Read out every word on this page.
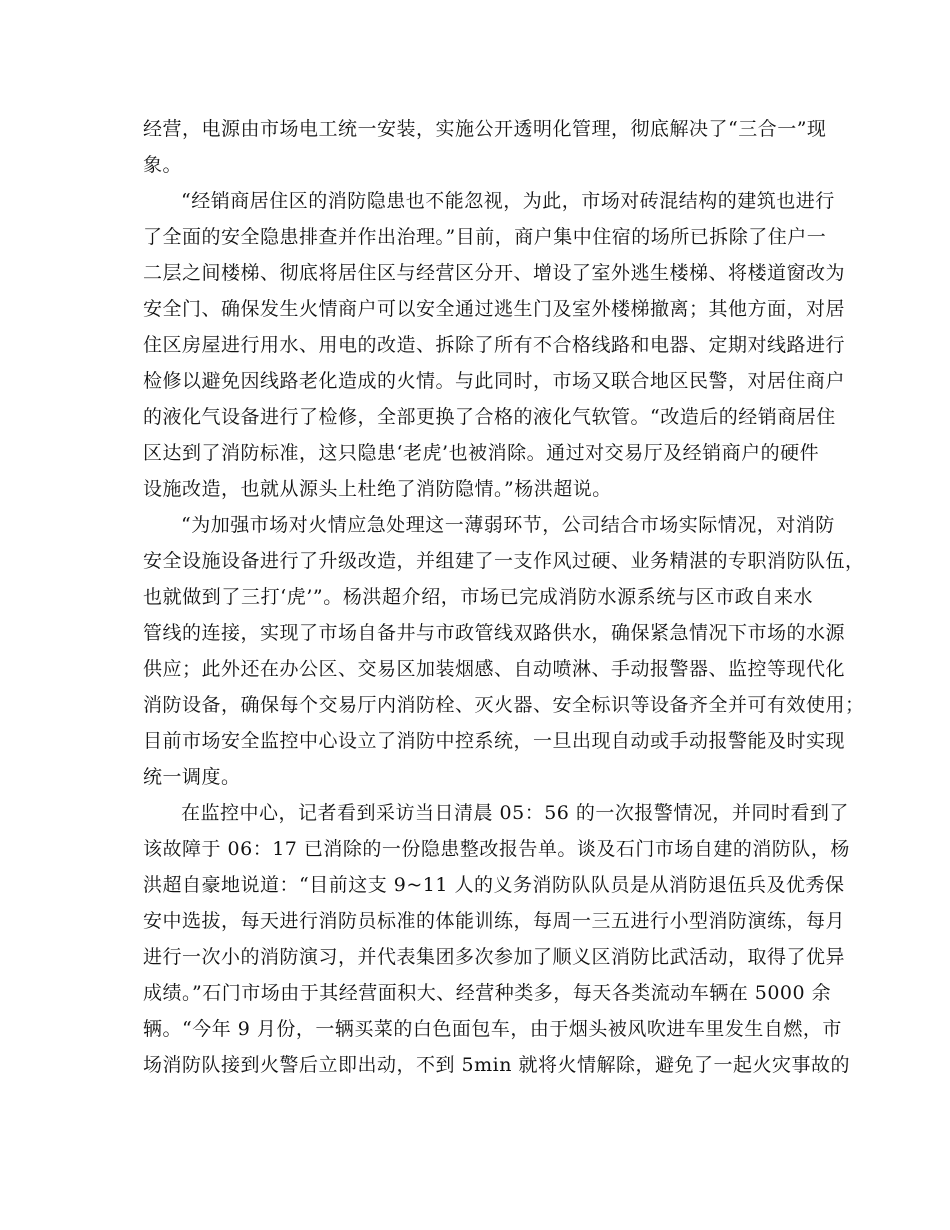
经营，电源由市场电工统一安装，实施公开透明化管理，彻底解决了“三合一”现
象。
“经销商居住区的消防隐患也不能忽视，为此，市场对砖混结构的建筑也进行
了全面的安全隐患排查并作出治理。”目前，商户集中住宿的场所已拆除了住户一
二层之间楼梯、彻底将居住区与经营区分开、增设了室外逃生楼梯、将楼道窗改为
安全门、确保发生火情商户可以安全通过逃生门及室外楼梯撤离；其他方面，对居
住区房屋进行用水、用电的改造、拆除了所有不合格线路和电器、定期对线路进行
检修以避免因线路老化造成的火情。与此同时，市场又联合地区民警，对居住商户
的液化气设备进行了检修，全部更换了合格的液化气软管。“改造后的经销商居住
区达到了消防标准，这只隐患‘老虎’也被消除。通过对交易厅及经销商户的硬件
设施改造，也就从源头上杜绝了消防隐情。”杨洪超说。
“为加强市场对火情应急处理这一薄弱环节，公司结合市场实际情况，对消防
安全设施设备进行了升级改造，并组建了一支作风过硬、业务精湛的专职消防队伍，
也就做到了三打‘虎’”。杨洪超介绍，市场已完成消防水源系统与区市政自来水
管线的连接，实现了市场自备井与市政管线双路供水，确保紧急情况下市场的水源
供应；此外还在办公区、交易区加装烟感、自动喷淋、手动报警器、监控等现代化
消防设备，确保每个交易厅内消防栓、灭火器、安全标识等设备齐全并可有效使用；
目前市场安全监控中心设立了消防中控系统，一旦出现自动或手动报警能及时实现
统一调度。
在监控中心，记者看到采访当日清晨 05：56 的一次报警情况，并同时看到了
该故障于 06：17 已消除的一份隐患整改报告单。谈及石门市场自建的消防队，杨
洪超自豪地说道：“目前这支 9~11 人的义务消防队队员是从消防退伍兵及优秀保
安中选拔，每天进行消防员标准的体能训练，每周一三五进行小型消防演练，每月
进行一次小的消防演习，并代表集团多次参加了顺义区消防比武活动，取得了优异
成绩。”石门市场由于其经营面积大、经营种类多，每天各类流动车辆在 5000 余
辆。“今年 9 月份，一辆买菜的白色面包车，由于烟头被风吹进车里发生自燃，市
场消防队接到火警后立即出动，不到 5min 就将火情解除，避免了一起火灾事故的
